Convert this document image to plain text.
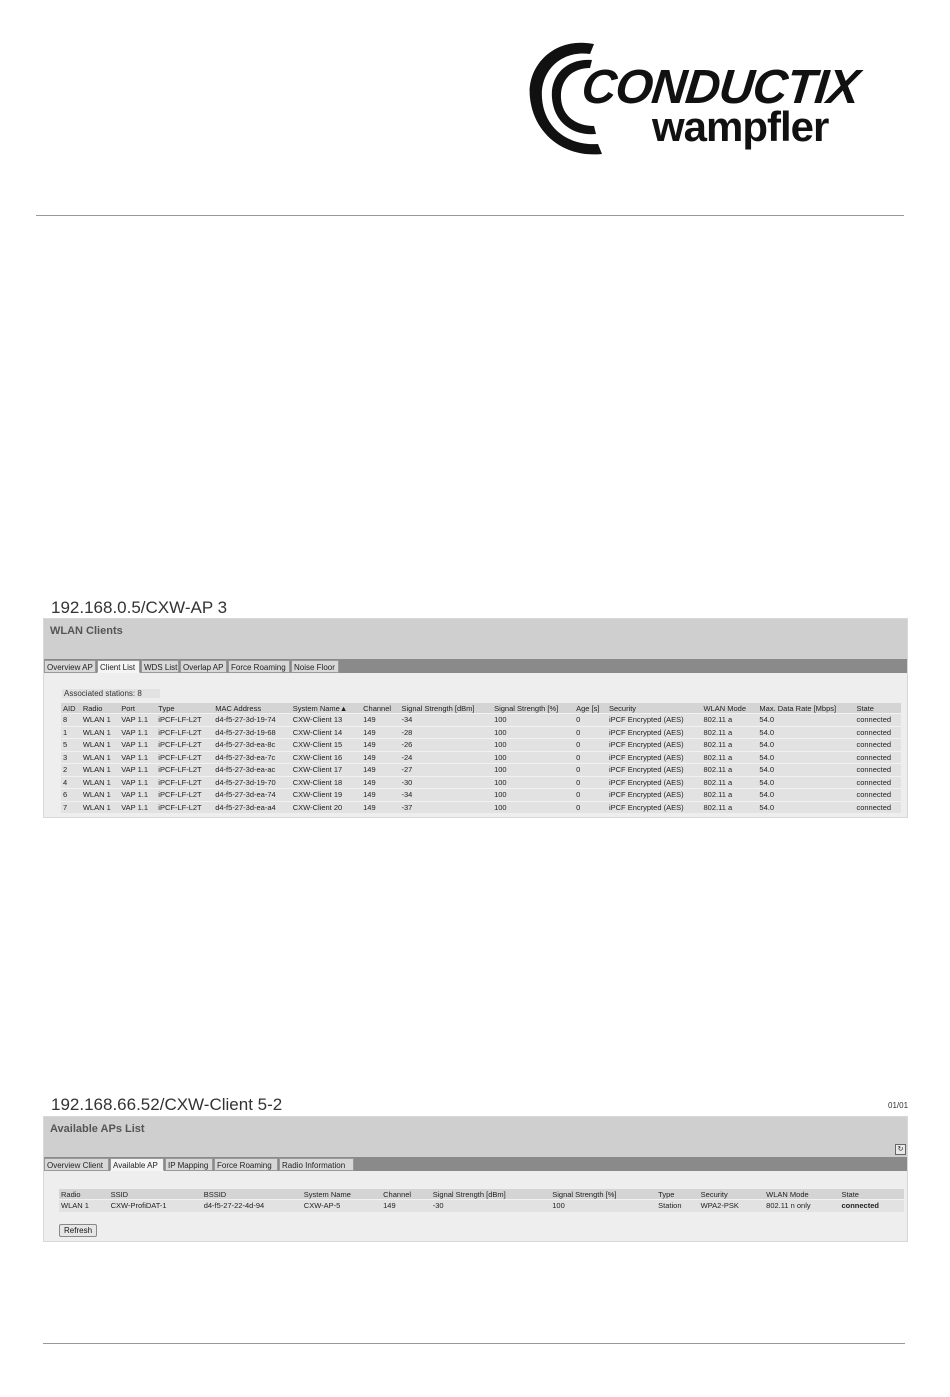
CONDUCTIX
wampfler
192.168.0.5/CXW-AP 3
WLAN Clients
Overview AP Client List	WDS List Overlap AP Force Roaming	Noise Floor
Associated stations: 8
AID	Radio	Port	Type	MAC Address	System Name▲	Channel	Signal Strength [dBm]	Signal Strength [%]	Age [s]	Security	WLAN Mode	Max. Data Rate [Mbps]	State
8	WLAN 1	VAP 1.1	iPCF-LF-L2T	d4-f5-27-3d-19-74	CXW-Client 13	149	-34	100	0	iPCF Encrypted (AES)	802.11 a	54.0	connected
1	WLAN 1	VAP 1.1	iPCF-LF-L2T	d4-f5-27-3d-19-68	CXW-Client 14	149	-28	100	0	iPCF Encrypted (AES)	802.11 a	54.0	connected
5	WLAN 1	VAP 1.1	iPCF-LF-L2T	d4-f5-27-3d-ea-8c	CXW-Client 15	149	-26	100	0	iPCF Encrypted (AES)	802.11 a	54.0	connected
3	WLAN 1	VAP 1.1	iPCF-LF-L2T	d4-f5-27-3d-ea-7c	CXW-Client 16	149	-24	100	0	iPCF Encrypted (AES)	802.11 a	54.0	connected
2	WLAN 1	VAP 1.1	iPCF-LF-L2T	d4-f5-27-3d-ea-ac	CXW-Client 17	149	-27	100	0	iPCF Encrypted (AES)	802.11 a	54.0	connected
4	WLAN 1	VAP 1.1	iPCF-LF-L2T	d4-f5-27-3d-19-70	CXW-Client 18	149	-30	100	0	iPCF Encrypted (AES)	802.11 a	54.0	connected
6	WLAN 1	VAP 1.1	iPCF-LF-L2T	d4-f5-27-3d-ea-74	CXW-Client 19	149	-34	100	0	iPCF Encrypted (AES)	802.11 a	54.0	connected
7	WLAN 1	VAP 1.1	iPCF-LF-L2T	d4-f5-27-3d-ea-a4	CXW-Client 20	149	-37	100	0	iPCF Encrypted (AES)	802.11 a	54.0	connected
192.168.66.52/CXW-Client 5-2	01/01
Available APs List
↻
Overview Client	Available AP	IP Mapping	Force Roaming	Radio Information
Radio	SSID	BSSID	System Name	Channel	Signal Strength [dBm]	Signal Strength [%]	Type	Security	WLAN Mode	State
WLAN 1	CXW-ProfiDAT-1	d4-f5-27-22-4d-94	CXW-AP-5	149	-30	100	Station	WPA2-PSK	802.11 n only	connected
Refresh
